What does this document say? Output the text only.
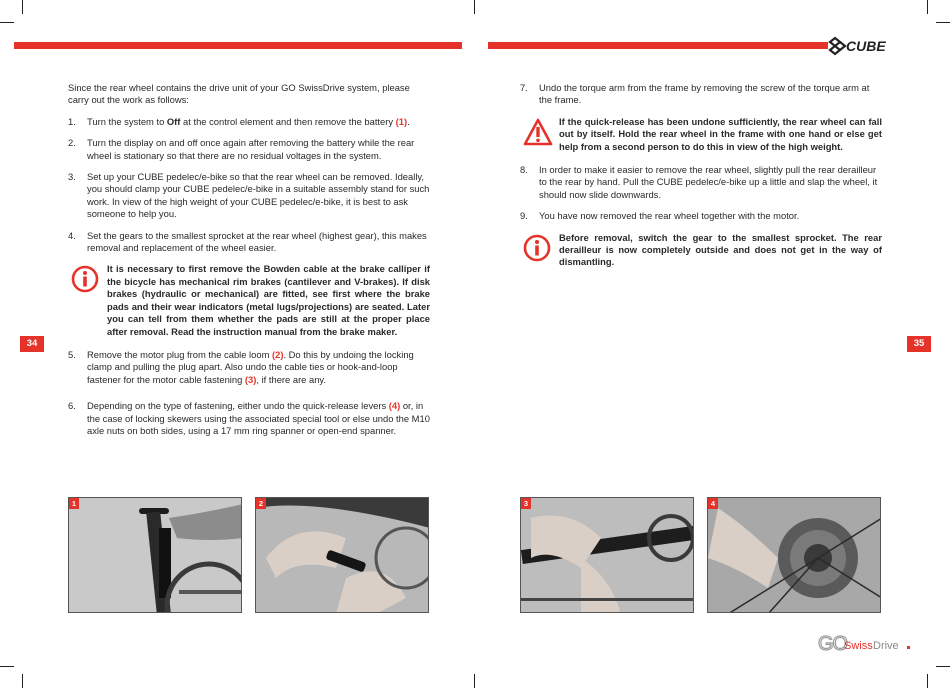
CUBE
34	35

Since the rear wheel contains the drive unit of your GO SwissDrive system, please carry out the work as follows:

1. Turn the system to Off at the control element and then remove the battery (1).

2. Turn the display on and off once again after removing the battery while the rear wheel is stationary so that there are no residual voltages in the system.

3. Set up your CUBE pedelec/e-bike so that the rear wheel can be removed. Ideally, you should clamp your CUBE pedelec/e-bike in a suitable assembly stand for such work. In view of the high weight of your CUBE pedelec/e-bike, it is best to ask someone to help you.

4. Set the gears to the smallest sprocket at the rear wheel (highest gear), this makes removal and replacement of the wheel easier.

It is necessary to first remove the Bowden cable at the brake calliper if the bicycle has mechanical rim brakes (cantilever and V-brakes). If disk brakes (hydraulic or mechanical) are fitted, see first where the brake pads and their wear indicators (metal lugs/projections) are seated. Later you can tell from them whether the pads are still at the proper place after removal. Read the instruction manual from the brake maker.

5. Remove the motor plug from the cable loom (2). Do this by undoing the locking clamp and pulling the plug apart. Also undo the cable ties or hook-and-loop fastener for the motor cable fastening (3), if there are any.

6. Depending on the type of fastening, either undo the quick-release levers (4) or, in the case of locking skewers using the associated special tool or else undo the M10 axle nuts on both sides, using a 17 mm ring spanner or open-end spanner.

7. Undo the torque arm from the frame by removing the screw of the torque arm at the frame.

If the quick-release has been undone sufficiently, the rear wheel can fall out by itself. Hold the rear wheel in the frame with one hand or else get help from a second person to do this in view of the high weight.

8. In order to make it easier to remove the rear wheel, slightly pull the rear derailleur to the rear by hand. Pull the CUBE pedelec/e-bike up a little and slap the wheel, it should now slide downwards.

9. You have now removed the rear wheel together with the motor.

Before removal, switch the gear to the smallest sprocket. The rear derailleur is now completely outside and does not get in the way of dismantling.
1	2	3	4
GO
Swiss Drive
